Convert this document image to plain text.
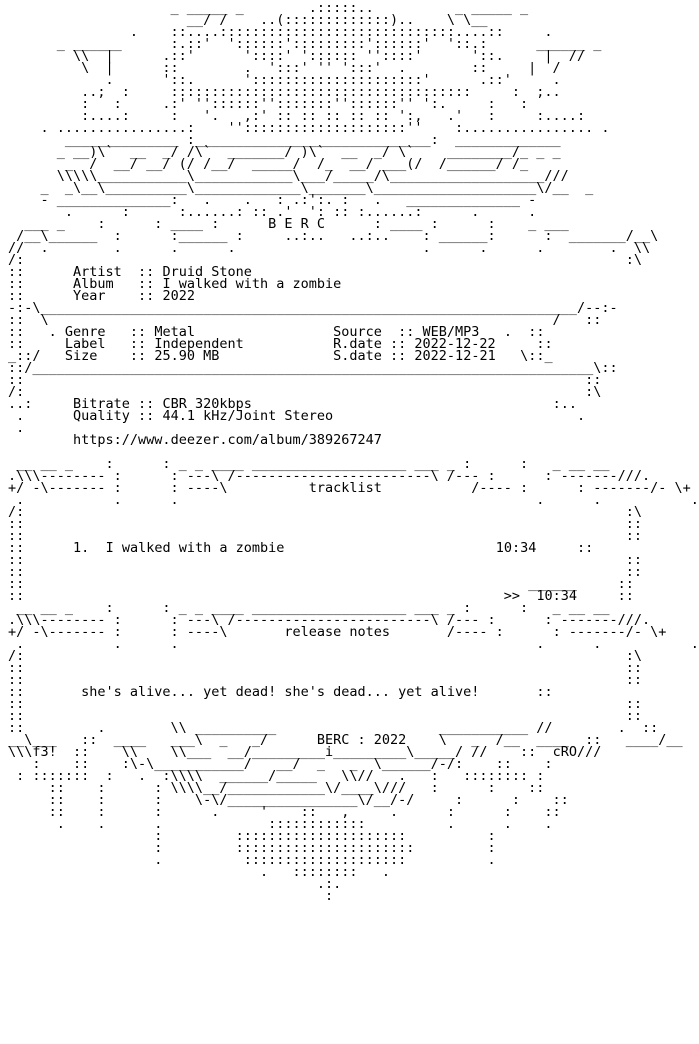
_ _____ _        .:::::..          _ _____ _
__/ /    ..(:::::::::::::)..    \ \__
.    ::....:::::::::::::::::::::::::::::....::     .
_ ______      :.::'  '::::::':::::::::'::::::'  '::.:      ______ _
\\  |      .::'      '::::' ':::::: ''::::'      '::.     |  //
\  |      ::        .  ':::' '' ':::'  .        ::     |  /
.      '::.      ':::::::::::::::::::::'      .::'     .
..;  :     :::::::::::::::::::::::::::::::::::::     :  ;..
:   :     .:' ''::::::'':::::::''::::::'' ':.     :   :
:....:     :   '.   ,:' :: :: :: :: :: ':,   .'   :     :....:
. ................:    ''::::::::::::::::::::''    :................ .
______________ :_____________________________:  _____________
_ __)\`  __  _/ /\`  _______/ )\`  __  _/ \`    ________/_ _ _
_  /  __/ __/ (/ /__/  _____/  /_  __/ ___(/  /______/ /_
\\\\\___________\____________\___/_____/\___________________///
_  _\__\__________\_____________\_______\____________________\/__  _
- ______________:   .    .   : .:':. :   .   ______________ -
.      :      :......: :: .'  ': :: :......:      .      .
___ _    :      : ____ :      B E R C      : ____ :      :    _ ___
/__\______  :      :______ :     ..:..   ..:..    : ______:      :  _______/__\
//  .        .      .      .                       .      .      .        .  \\
/:                                                                          :\
::      Artist  :: Druid Stone
::      Album   :: I walked with a zombie
::      Year    :: 2022
-:-\__________________________________________________________________/--:-
::  \                                                              /   ::
::   . Genre   :: Metal                 Source  :: WEB/MP3   .  ::
::     Label   :: Independent           R.date :: 2022-12-22	::
_::/   Size    :: 25.90 MB              S.date :: 2022-12-21   \::_
::/_____________________________________________________________________\::
::                                                                     ::
/:                                                                     :\
..:     Bitrate :: CBR 320kbps	:..
.      Quality :: 44.1 kHz/Joint Stereo	.
.
https://www.deezer.com/album/389267247

__ __ _    :      : _ _ ____ ___________________ ___ _ :      :   _ __ __
.\\\-------- :      : ---\ /------------------------\ /--- :      : -------///.
+/ -\------- :      : ----\	tracklist	/---- :      : -------/- \+
.           .      .                                            .      .           .
/:                                                                          :\
::                                                                          ::
::                                                                          ::
::	1. I walked with a zombie	10:34	::
::                                                                          ::
::                                                                          ::
::                                                              ______     ::
::	>> 10:34	::
__ __ _    :      : _ _ ____ ___________________ ___ _ :      :   _ __ __
.\\\-------- :      : ---\ /------------------------\ /--- :      : -------///.
+/ -\------- :      : ----\	release notes	/---- :      : -------/- \+
.           .      .                                            .      .           .
/:                                                                          :\
::                                                                          ::
::                                                                          ::
::	she's alive... yet dead! she's dead... yet alive!	::
::                                                                          ::
::                                                                          ::
::         .        \\ __________                    ___________ //        .  ::
__\___   ::  ____   ___\  _   _/	BERC : 2022    \   _  /__  ____  ::   ____/__
\\\f3!  ::    \\    \\___  __/_________i_________\_____/ //    ::  cRO///
:    ::    :\-\___________/   __/  _   _  \______/-/:    ::    :
: :::::::  :   .  :\\\\  ______/_____   \\//   .   :   :::::::: :
::    :      : \\\\__/____________\/____\///   :      :    ::
::    :      :    \-\/________________\/__/-/     :      :    ::
::    :      :      .     '    ::   ,     .      :      :    ::
.    .      .             ::::::::::::          .      .    .
:         :::::::::::::::::::::          :
:         ::::::::::::::::::::::         :
.          ::::::::::::::::::::          .
.   ::::::::   .
.:.
:
